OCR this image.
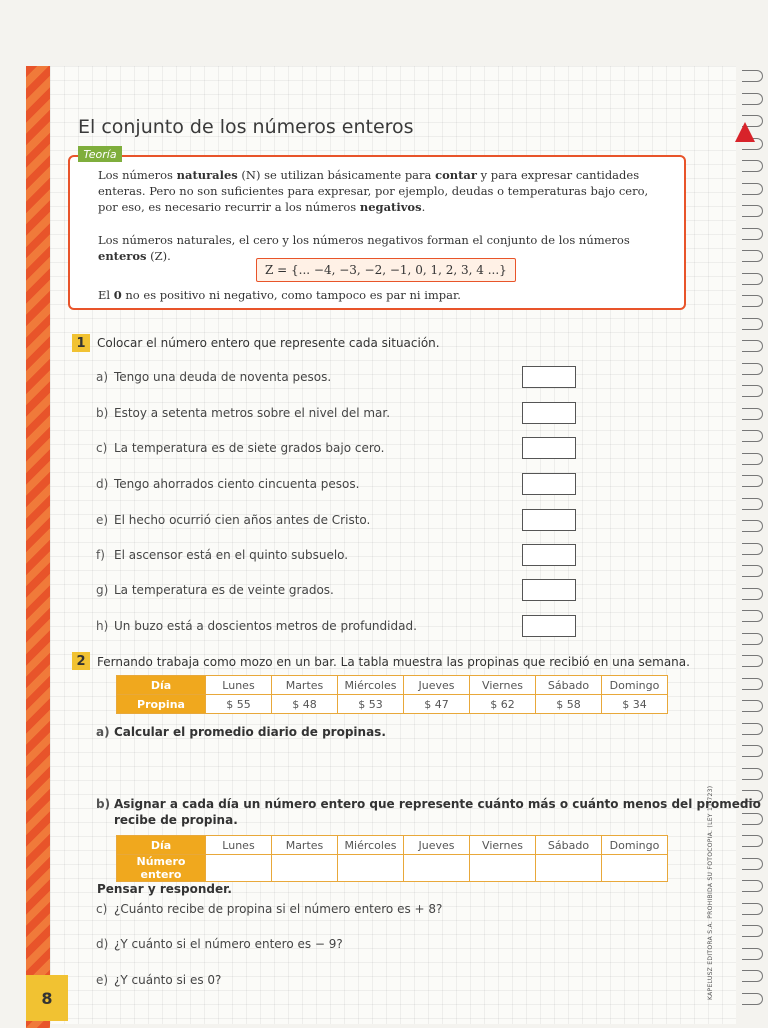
El conjunto de los números enteros
Los números naturales (N) se utilizan básicamente para contar y para expresar cantidades enteras. Pero no son suficientes para expresar, por ejemplo, deudas o temperaturas bajo cero, por eso, es necesario recurrir a los números negativos.
Los números naturales, el cero y los números negativos forman el conjunto de los números enteros (Z).
Z = {... −4, −3, −2, −1, 0, 1, 2, 3, 4 ...}
El 0 no es positivo ni negativo, como tampoco es par ni impar.
Teoría
1 Colocar el número entero que represente cada situación.
a) Tengo una deuda de noventa pesos.
b) Estoy a setenta metros sobre el nivel del mar.
c) La temperatura es de siete grados bajo cero.
d) Tengo ahorrados ciento cincuenta pesos.
e) El hecho ocurrió cien años antes de Cristo.
f) El ascensor está en el quinto subsuelo.
g) La temperatura es de veinte grados.
h) Un buzo está a doscientos metros de profundidad.
2 Fernando trabaja como mozo en un bar. La tabla muestra las propinas que recibió en una semana.
Día	Lunes	Martes	Miércoles	Jueves	Viernes	Sábado	Domingo
Propina	$ 55	$ 48	$ 53	$ 47	$ 62	$ 58	$ 34
a) Calcular el promedio diario de propinas.
b) Asignar a cada día un número entero que represente cuánto más o cuánto menos del promedio
recibe de propina.
Día	Lunes	Martes	Miércoles	Jueves	Viernes	Sábado	Domingo
Número entero							
Pensar y responder.
c) ¿Cuánto recibe de propina si el número entero es + 8?
d) ¿Y cuánto si el número entero es − 9?
e) ¿Y cuánto si es 0?
8	KAPELUSZ EDITORA S.A. PROHIBIDA SU FOTOCOPIA. (LEY 11.723)
